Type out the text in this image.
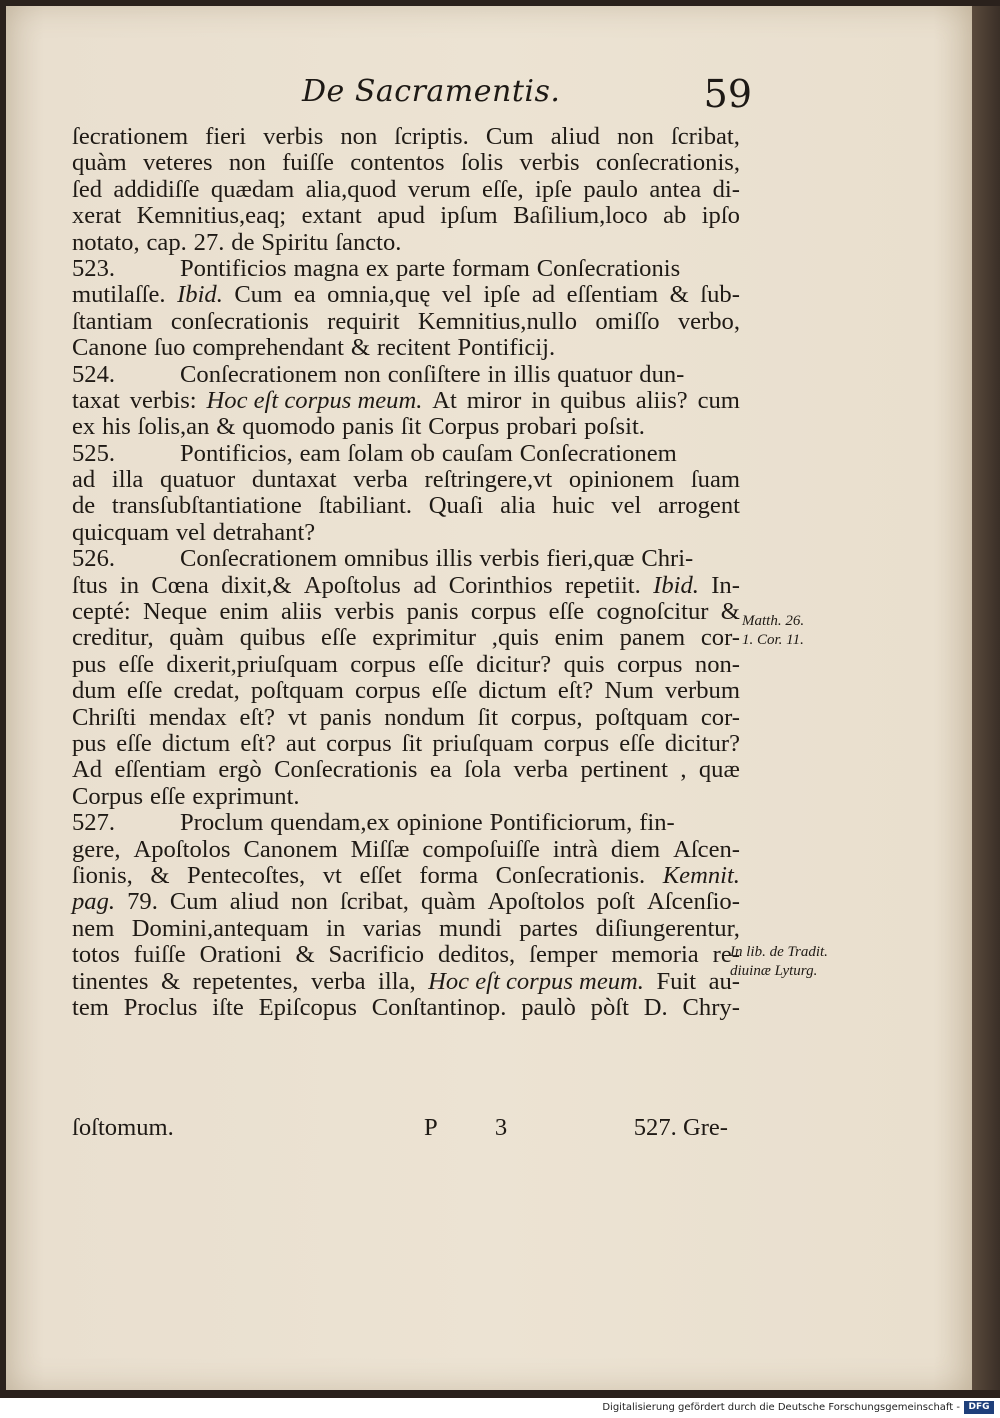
De Sacramentis.	59
ſecrationem fieri verbis non ſcriptis. Cum aliud non ſcribat,
quàm veteres non fuiſſe contentos ſolis verbis conſecrationis,
ſed addidiſſe quædam alia,quod verum eſſe, ipſe paulo antea di-
xerat Kemnitius,eaq; extant apud ipſum Baſilium,loco ab ipſo
notato, cap. 27. de Spiritu ſancto.
523.	Pontificios magna ex parte formam Conſecrationis
mutilaſſe. Ibid. Cum ea omnia,quę vel ipſe ad eſſentiam & ſub-
ſtantiam conſecrationis requirit Kemnitius,nullo omiſſo verbo,
Canone ſuo comprehendant & recitent Pontificij.
524.	Conſecrationem non conſiſtere in illis quatuor dun-
taxat verbis: Hoc eſt corpus meum. At miror in quibus aliis? cum
ex his ſolis,an & quomodo panis ſit Corpus probari poſsit.
525.	Pontificios, eam ſolam ob cauſam Conſecrationem
ad illa quatuor duntaxat verba reſtringere,vt opinionem ſuam
de transſubſtantiatione ſtabiliant. Quaſi alia huic vel arrogent
quicquam vel detrahant?
526.	Conſecrationem omnibus illis verbis fieri,quæ Chri-
ſtus in Cœna dixit,& Apoſtolus ad Corinthios repetiit. Ibid. In-
cepté: Neque enim aliis verbis panis corpus eſſe cognoſcitur &
creditur, quàm quibus eſſe exprimitur ,quis enim panem cor-
pus eſſe dixerit,priuſquam corpus eſſe dicitur? quis corpus non-
dum eſſe credat, poſtquam corpus eſſe dictum eſt? Num verbum
Chriſti mendax eſt? vt panis nondum ſit corpus, poſtquam cor-
pus eſſe dictum eſt? aut corpus ſit priuſquam corpus eſſe dicitur?
Ad eſſentiam ergò Conſecrationis ea ſola verba pertinent , quæ
Corpus eſſe exprimunt.
527.	Proclum quendam,ex opinione Pontificiorum, fin-
gere, Apoſtolos Canonem Miſſæ compoſuiſſe intrà diem Aſcen-
ſionis, & Pentecoſtes, vt eſſet forma Conſecrationis. Kemnit.
pag. 79. Cum aliud non ſcribat, quàm Apoſtolos poſt Aſcenſio-
nem Domini,antequam in varias mundi partes diſiungerentur,
totos fuiſſe Orationi & Sacrificio deditos, ſemper memoria re-
tinentes & repetentes, verba illa, Hoc eſt corpus meum. Fuit au-
tem Proclus iſte Epiſcopus Conſtantinop. paulò pòſt D. Chry-
Matth. 26.
1. Cor. 11.
In lib. de Tradit.
diuinæ Lyturg.
ſoſtomum.	P 3	527. Gre-
Digitalisierung gefördert durch die Deutsche Forschungsgemeinschaft - DFG
